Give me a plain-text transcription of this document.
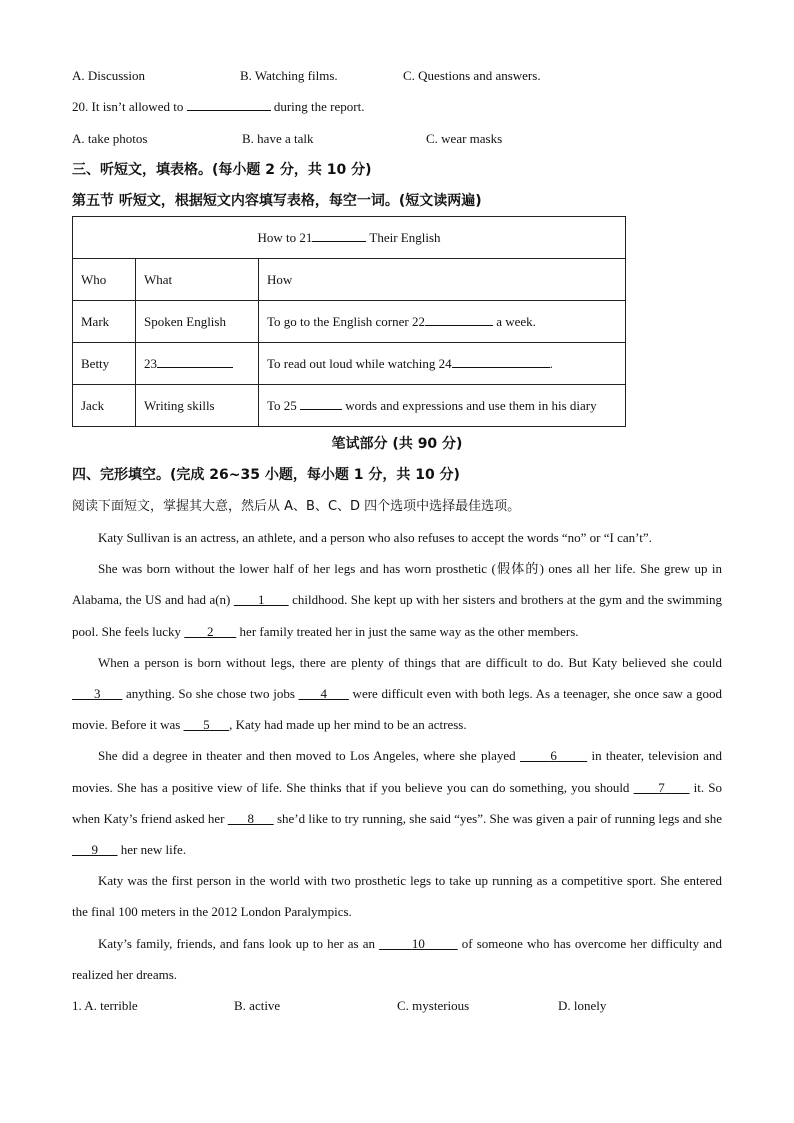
A. Discussion	B. Watching films.	C. Questions and answers.
20. It isn’t allowed to	during the report.
A. take photos	B. have a talk	C. wear masks
三、听短文，填表格。(每小题 2 分，共 10 分)
第五节 听短文，根据短文内容填写表格，每空一词。(短文读两遍)
How to 21 Their English		
Who	What	How
Mark	Spoken English	To go to the English corner 22 a week.
Betty	23	To read out loud while watching 24 .
Jack	Writing skills	To 25 words and expressions and use them in his diary
笔试部分 (共 90 分)
四、完形填空。(完成 26~35 小题，每小题 1 分，共 10 分)
阅读下面短文，掌握其大意，然后从 A、B、C、D 四个选项中选择最佳选项。
Katy Sullivan is an actress, an athlete, and a person who also refuses to accept the words “no” or “I can’t”.
She was born without the lower half of her legs and has worn prosthetic (假体的) ones all her life. She grew up in Alabama, the US and had a(n)        1        childhood. She kept up with her sisters and brothers at the gym and the swimming pool. She feels lucky        2        her family treated her in just the same way as the other members.
When a person is born without legs, there are plenty of things that are difficult to do. But Katy believed she could       3       anything. So she chose two jobs       4       were difficult even with both legs. As a teenager, she once saw a good movie. Before it was       5 , Katy had made up her mind to be an actress.
She did a degree in theater and then moved to Los Angeles, where she played        6        in theater, television and movies. She has a positive view of life. She thinks that if you believe you can do something, you should       7       it. So when Katy’s friend asked her       8       she’d like to try running, she said “yes”. She was given a pair of running legs and she       9       her new life.
Katy was the first person in the world with two prosthetic legs to take up running as a competitive sport. She entered the final 100 meters in the 2012 London Paralympics.
Katy’s family, friends, and fans look up to her as an	10	of someone who has overcome her difficulty and realized her dreams.
1. A. terrible	B. active	C. mysterious	D. lonely
